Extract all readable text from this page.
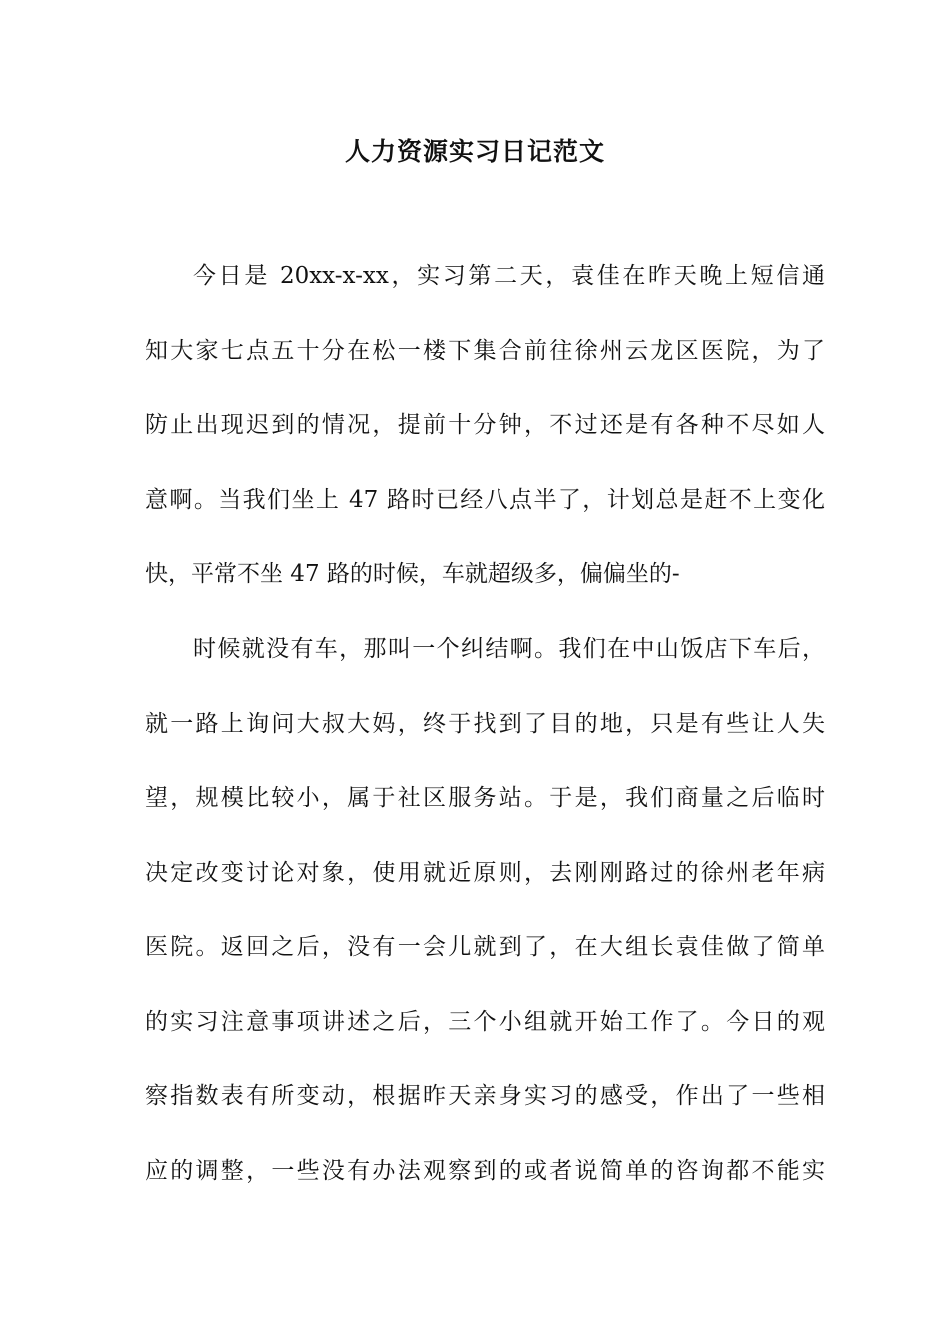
人力资源实习日记范文
今日是 20xx-x-xx，实习第二天，袁佳在昨天晚上短信通
知大家七点五十分在松一楼下集合前往徐州云龙区医院，为了
防止出现迟到的情况，提前十分钟，不过还是有各种不尽如人
意啊。当我们坐上 47 路时已经八点半了，计划总是赶不上变化
快，平常不坐 47 路的时候，车就超级多，偏偏坐的-
时候就没有车，那叫一个纠结啊。我们在中山饭店下车后，
就一路上询问大叔大妈，终于找到了目的地，只是有些让人失
望，规模比较小，属于社区服务站。于是，我们商量之后临时
决定改变讨论对象，使用就近原则，去刚刚路过的徐州老年病
医院。返回之后，没有一会儿就到了，在大组长袁佳做了简单
的实习注意事项讲述之后，三个小组就开始工作了。今日的观
察指数表有所变动，根据昨天亲身实习的感受，作出了一些相
应的调整，一些没有办法观察到的或者说简单的咨询都不能实
